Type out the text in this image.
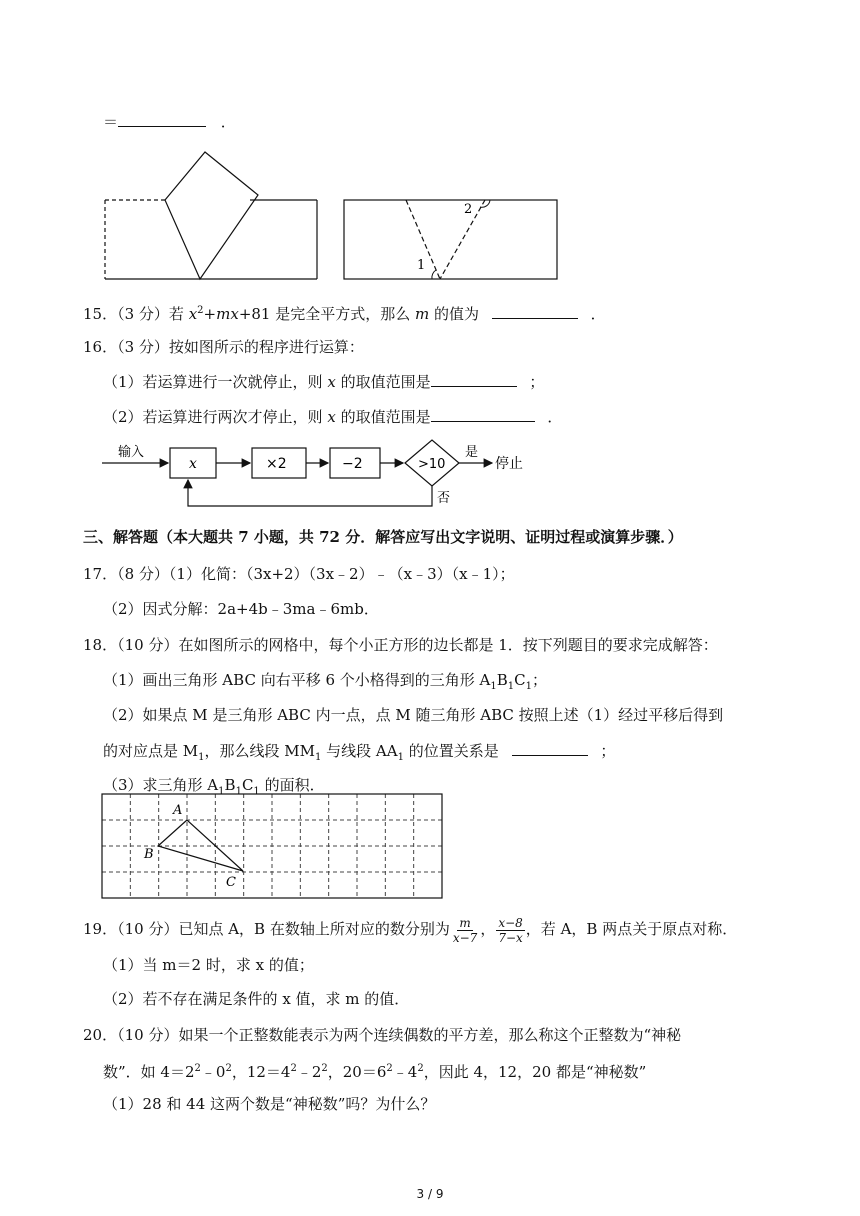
＝	．
1
2
15．（3 分）若 $x^2+mx+81$ 是完全平方式，那么 m 的值为	．
16．（3 分）按如图所示的程序进行运算：
（1）若运算进行一次就停止，则 x 的取值范围是	；
（2）若运算进行两次才停止，则 x 的取值范围是	．
输入
x	×2	−2	>10
是
停止
否
三、解答题（本大题共 7 小题，共 72 分．解答应写出文字说明、证明过程或演算步骤．）
17．（8 分）（1）化简：（3x+2）（3x﹣2）﹣（x﹣3）（x﹣1）；
（2）因式分解：2a+4b﹣3ma﹣6mb．
18．（10 分）在如图所示的网格中，每个小正方形的边长都是 1．按下列题目的要求完成解答：
（1）画出三角形 ABC 向右平移 6 个小格得到的三角形 $A_1B_1C_1$；
（2）如果点 M 是三角形 ABC 内一点，点 M 随三角形 ABC 按照上述（1）经过平移后得到
的对应点是 $M_1$，那么线段 $MM_1$ 与线段 $AA_1$ 的位置关系是	；
（3）求三角形 $A_1B_1C_1$ 的面积．
A
B
C
19．（10 分）已知点 A，B 在数轴上所对应的数分别为 $\frac{m}{x-7}$ ， $\frac{x-8}{7-x}$ ，若 A，B 两点关于原点对称．
（1）当 m＝2 时，求 x 的值；
（2）若不存在满足条件的 x 值，求 m 的值．
20．（10 分）如果一个正整数能表示为两个连续偶数的平方差，那么称这个正整数为“神秘
数”．如 $4=2^2﹣0^2$，$12=4^2﹣2^2$，$20=6^2﹣4^2$，因此 4，12，20 都是“神秘数”
（1）28 和 44 这两个数是“神秘数”吗？为什么？
3 / 9
